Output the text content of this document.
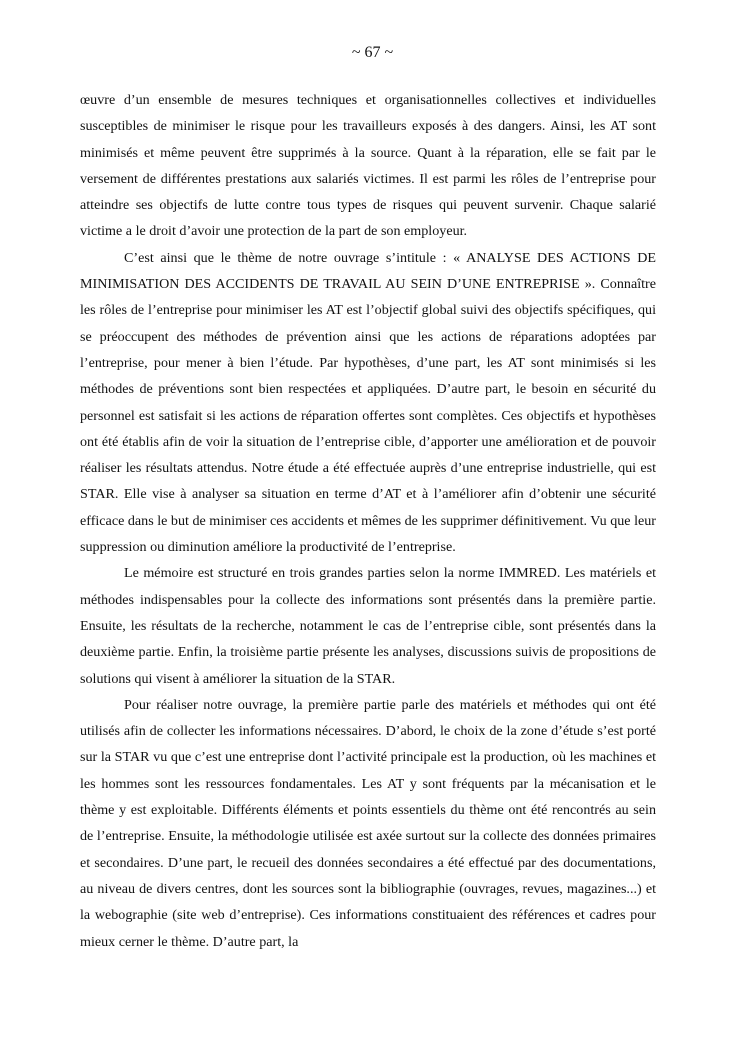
~ 67 ~

œuvre d’un ensemble de mesures techniques et organisationnelles collectives et individuelles susceptibles de minimiser le risque pour les travailleurs exposés à des dangers. Ainsi, les AT sont minimisés et même peuvent être supprimés à la source. Quant à la réparation, elle se fait par le versement de différentes prestations aux salariés victimes. Il est parmi les rôles de l’entreprise pour atteindre ses objectifs de lutte contre tous types de risques qui peuvent survenir. Chaque salarié victime a le droit d’avoir une protection de la part de son employeur.

C’est ainsi que le thème de notre ouvrage s’intitule : « ANALYSE DES ACTIONS DE MINIMISATION DES ACCIDENTS DE TRAVAIL AU SEIN D’UNE ENTREPRISE ». Connaître les rôles de l’entreprise pour minimiser les AT est l’objectif global suivi des objectifs spécifiques, qui se préoccupent des méthodes de prévention ainsi que les actions de réparations adoptées par l’entreprise, pour mener à bien l’étude. Par hypothèses, d’une part, les AT sont minimisés si les méthodes de préventions sont bien respectées et appliquées. D’autre part, le besoin en sécurité du personnel est satisfait si les actions de réparation offertes sont complètes. Ces objectifs et hypothèses ont été établis afin de voir la situation de l’entreprise cible, d’apporter une amélioration et de pouvoir réaliser les résultats attendus. Notre étude a été effectuée auprès d’une entreprise industrielle, qui est STAR. Elle vise à analyser sa situation en terme d’AT et à l’améliorer afin d’obtenir une sécurité efficace dans le but de minimiser ces accidents et mêmes de les supprimer définitivement. Vu que leur suppression ou diminution améliore la productivité de l’entreprise.

Le mémoire est structuré en trois grandes parties selon la norme IMMRED. Les matériels et méthodes indispensables pour la collecte des informations sont présentés dans la première partie. Ensuite, les résultats de la recherche, notamment le cas de l’entreprise cible, sont présentés dans la deuxième partie. Enfin, la troisième partie présente les analyses, discussions suivis de propositions de solutions qui visent à améliorer la situation de la STAR.

Pour réaliser notre ouvrage, la première partie parle des matériels et méthodes qui ont été utilisés afin de collecter les informations nécessaires. D’abord, le choix de la zone d’étude s’est porté sur la STAR vu que c’est une entreprise dont l’activité principale est la production, où les machines et les hommes sont les ressources fondamentales. Les AT y sont fréquents par la mécanisation et le thème y est exploitable. Différents éléments et points essentiels du thème ont été rencontrés au sein de l’entreprise. Ensuite, la méthodologie utilisée est axée surtout sur la collecte des données primaires et secondaires. D’une part, le recueil des données secondaires a été effectué par des documentations, au niveau de divers centres, dont les sources sont la bibliographie (ouvrages, revues, magazines...) et la webographie (site web d’entreprise). Ces informations constituaient des références et cadres pour mieux cerner le thème. D’autre part, la
